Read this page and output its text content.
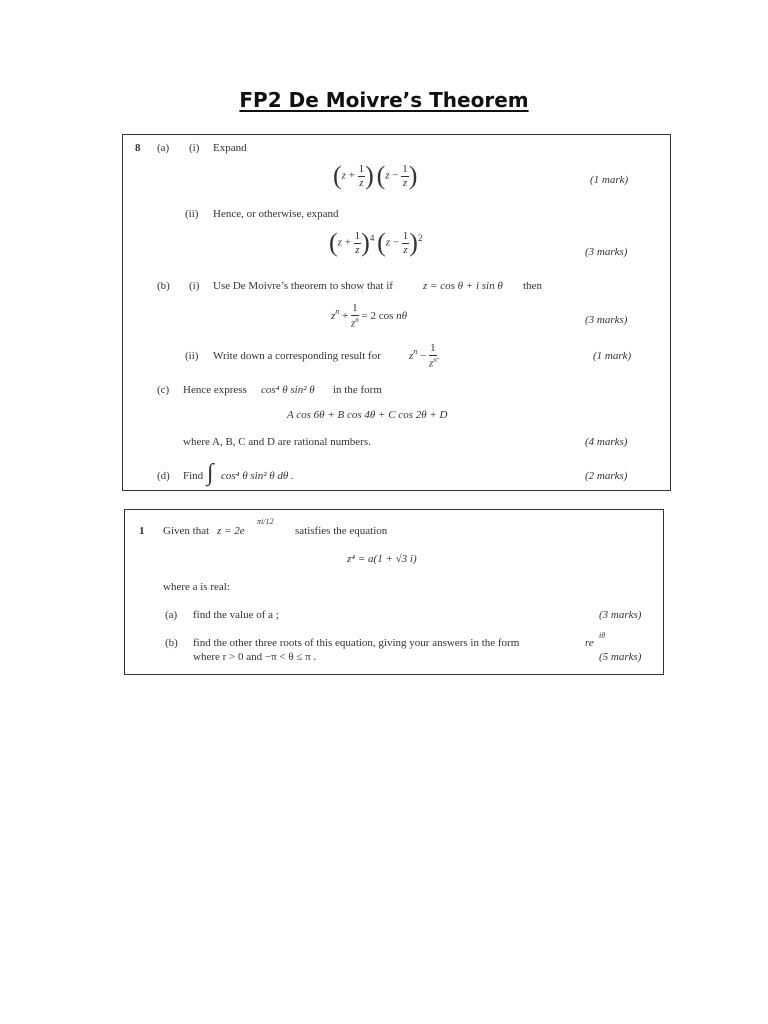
FP2 De Moivre’s Theorem
8 (a) (i) Expand
($z + \frac{1}{z}$ ) ($z - \frac{1}{z}$ )	(1 mark)
(ii) Hence, or otherwise, expand
$(z + \frac{1}{z} )^4$ $(z - \frac{1}{z} )^2$
(3 marks)
(b) (i) Use De Moivre’s theorem to show that if	z = cos θ + i sin θ then
$z^n + \frac{1}{z^n} = 2$ cos nθ	(3 marks)
(ii) Write down a corresponding result for	$z^n - \frac{1}{z^n}$ .	(1 mark)
(c) Hence express cos⁴ θ sin² θ in the form
A cos 6θ + B cos 4θ + C cos 2θ + D
where A, B, C and D are rational numbers.	(4 marks)
(d) Find ∫ cos⁴ θ sin² θ dθ .	(2 marks)
1 Given that z = 2e
πi/12
satisfies the equation
z⁴ = a(1 + √3 i)
where a is real:
(a) find the value of a ;	(3 marks)
(b) find the other three roots of this equation, giving your answers in the form	re
iθ
where r > 0 and −π < θ ≤ π .	(5 marks)
